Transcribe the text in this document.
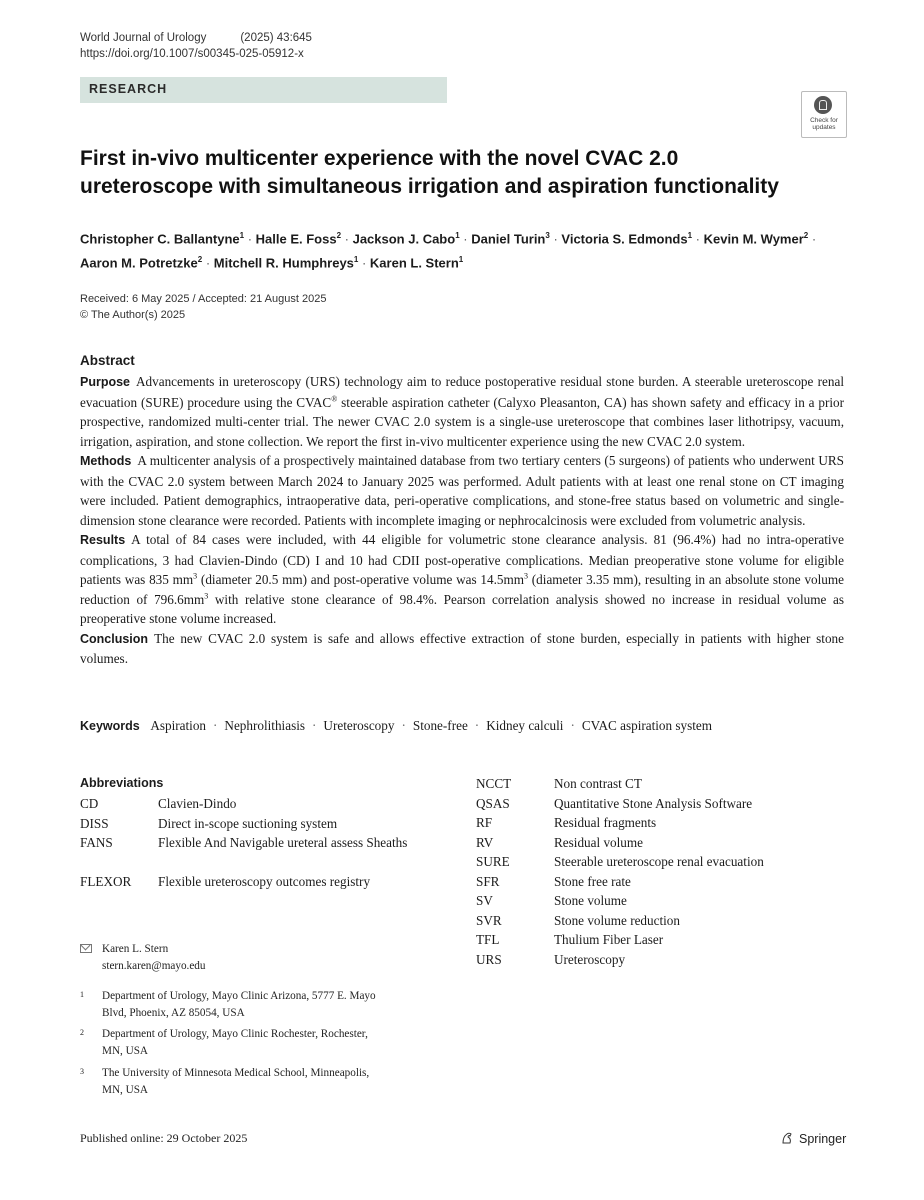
World Journal of Urology	(2025) 43:645
https://doi.org/10.1007/s00345-025-05912-x
RESEARCH
Check for
updates
First in-vivo multicenter experience with the novel CVAC 2.0
ureteroscope with simultaneous irrigation and aspiration functionality
Christopher C. Ballantyne$^1$ · Halle E. Foss$^2$ · Jackson J. Cabo$^1$ · Daniel Turin$^3$ · Victoria S. Edmonds$^1$ · Kevin M. Wymer$^2$ ·
Aaron M. Potretzke$^2$ · Mitchell R. Humphreys$^1$ · Karen L. Stern$^1$
Received: 6 May 2025 / Accepted: 21 August 2025
© The Author(s) 2025
Abstract

Purpose Advancements in ureteroscopy (URS) technology aim to reduce postoperative residual stone burden. A steerable ureteroscope renal evacuation (SURE) procedure using the CVAC® steerable aspiration catheter (Calyxo Pleasanton, CA) has shown safety and efficacy in a prior prospective, randomized multi-center trial. The newer CVAC 2.0 system is a single-use ureteroscope that combines laser lithotripsy, vacuum, irrigation, aspiration, and stone collection. We report the first in-vivo multicenter experience using the new CVAC 2.0 system.

Methods A multicenter analysis of a prospectively maintained database from two tertiary centers (5 surgeons) of patients who underwent URS with the CVAC 2.0 system between March 2024 to January 2025 was performed. Adult patients with at least one renal stone on CT imaging were included. Patient demographics, intraoperative data, peri-operative complications, and stone-free status based on volumetric and single-dimension stone clearance were recorded. Patients with incomplete imaging or nephrocalcinosis were excluded from volumetric analysis.

Results A total of 84 cases were included, with 44 eligible for volumetric stone clearance analysis. 81 (96.4%) had no intra-operative complications, 3 had Clavien-Dindo (CD) I and 10 had CDII post-operative complications. Median preoperative stone volume for eligible patients was 835 $mm^3$ (diameter 20.5 mm) and post-operative volume was $14.5mm^3$ (diameter 3.35 mm), resulting in an absolute stone volume reduction of $796.6mm^3$ with relative stone clearance of 98.4%. Pearson correlation analysis showed no increase in residual volume as preoperative stone volume increased.

Conclusion The new CVAC 2.0 system is safe and allows effective extraction of stone burden, especially in patients with higher stone volumes.

Keywords Aspiration · Nephrolithiasis · Ureteroscopy · Stone-free · Kidney calculi · CVAC aspiration system
Abbreviations
CD	Clavien-Dindo
DISS	Direct in-scope suctioning system
FANS	Flexible And Navigable ureteral assess Sheaths
FLEXOR Flexible ureteroscopy outcomes registry
NCCT	Non contrast CT
QSAS	Quantitative Stone Analysis Software
RF	Residual fragments
RV	Residual volume
SURE	Steerable ureteroscope renal evacuation
SFR	Stone free rate
SV	Stone volume
SVR	Stone volume reduction
TFL	Thulium Fiber Laser
URS	Ureteroscopy
Karen L. Stern
stern.karen@mayo.edu
1 Department of Urology, Mayo Clinic Arizona, 5777 E. Mayo
Blvd, Phoenix, AZ 85054, USA
2 Department of Urology, Mayo Clinic Rochester, Rochester,
MN, USA
3 The University of Minnesota Medical School, Minneapolis,
MN, USA
Published online: 29 October 2025	Springer
